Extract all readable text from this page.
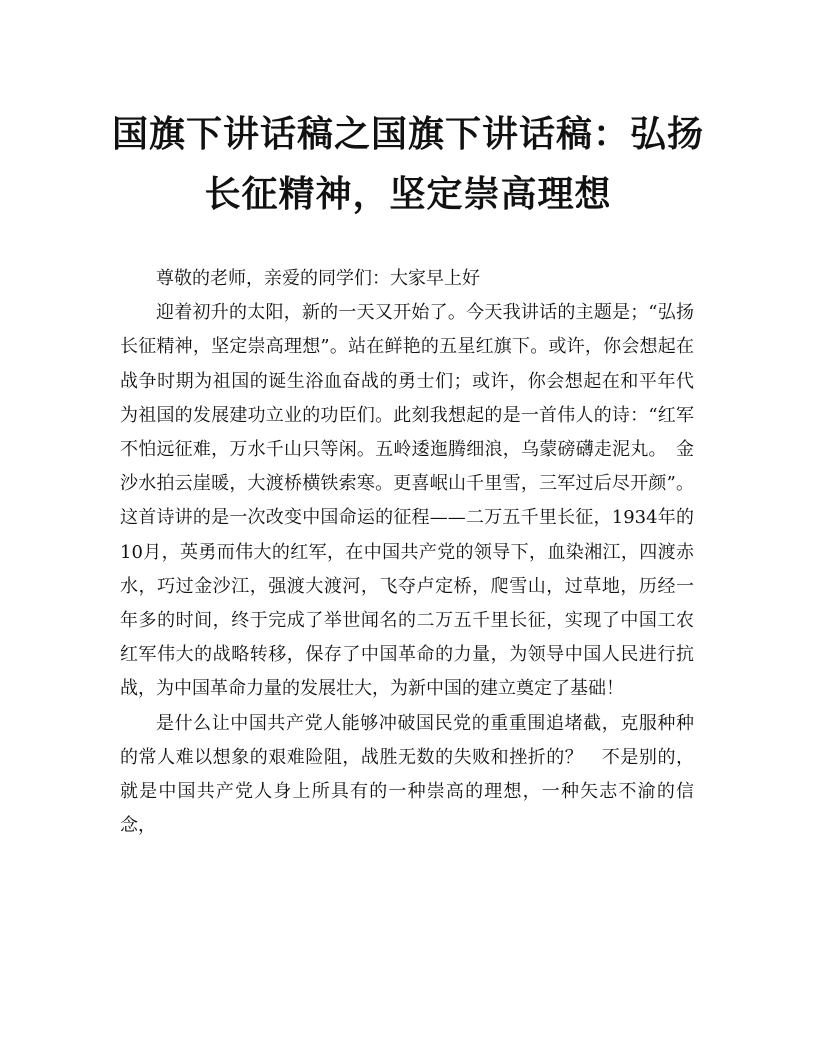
国旗下讲话稿之国旗下讲话稿：弘扬长征精神，坚定崇高理想

尊敬的老师，亲爱的同学们：大家早上好

迎着初升的太阳，新的一天又开始了。今天我讲话的主题是；“弘扬长征精神，坚定崇高理想”。站在鲜艳的五星红旗下。或许，你会想起在战争时期为祖国的诞生浴血奋战的勇士们；或许，你会想起在和平年代为祖国的发展建功立业的功臣们。此刻我想起的是一首伟人的诗：“红军不怕远征难，万水千山只等闲。五岭逶迤腾细浪，乌蒙磅礴走泥丸。　金沙水拍云崖暖，大渡桥横铁索寒。更喜岷山千里雪，三军过后尽开颜”。这首诗讲的是一次改变中国命运的征程——二万五千里长征，1934年的10月，英勇而伟大的红军，在中国共产党的领导下，血染湘江，四渡赤水，巧过金沙江，强渡大渡河，飞夺卢定桥，爬雪山，过草地，历经一年多的时间，终于完成了举世闻名的二万五千里长征，实现了中国工农红军伟大的战略转移，保存了中国革命的力量，为领导中国人民进行抗战，为中国革命力量的发展壮大，为新中国的建立奠定了基础！

是什么让中国共产党人能够冲破国民党的重重围追堵截，克服种种的常人难以想象的艰难险阻，战胜无数的失败和挫折的？　不是别的，就是中国共产党人身上所具有的一种崇高的理想，一种矢志不渝的信念，
